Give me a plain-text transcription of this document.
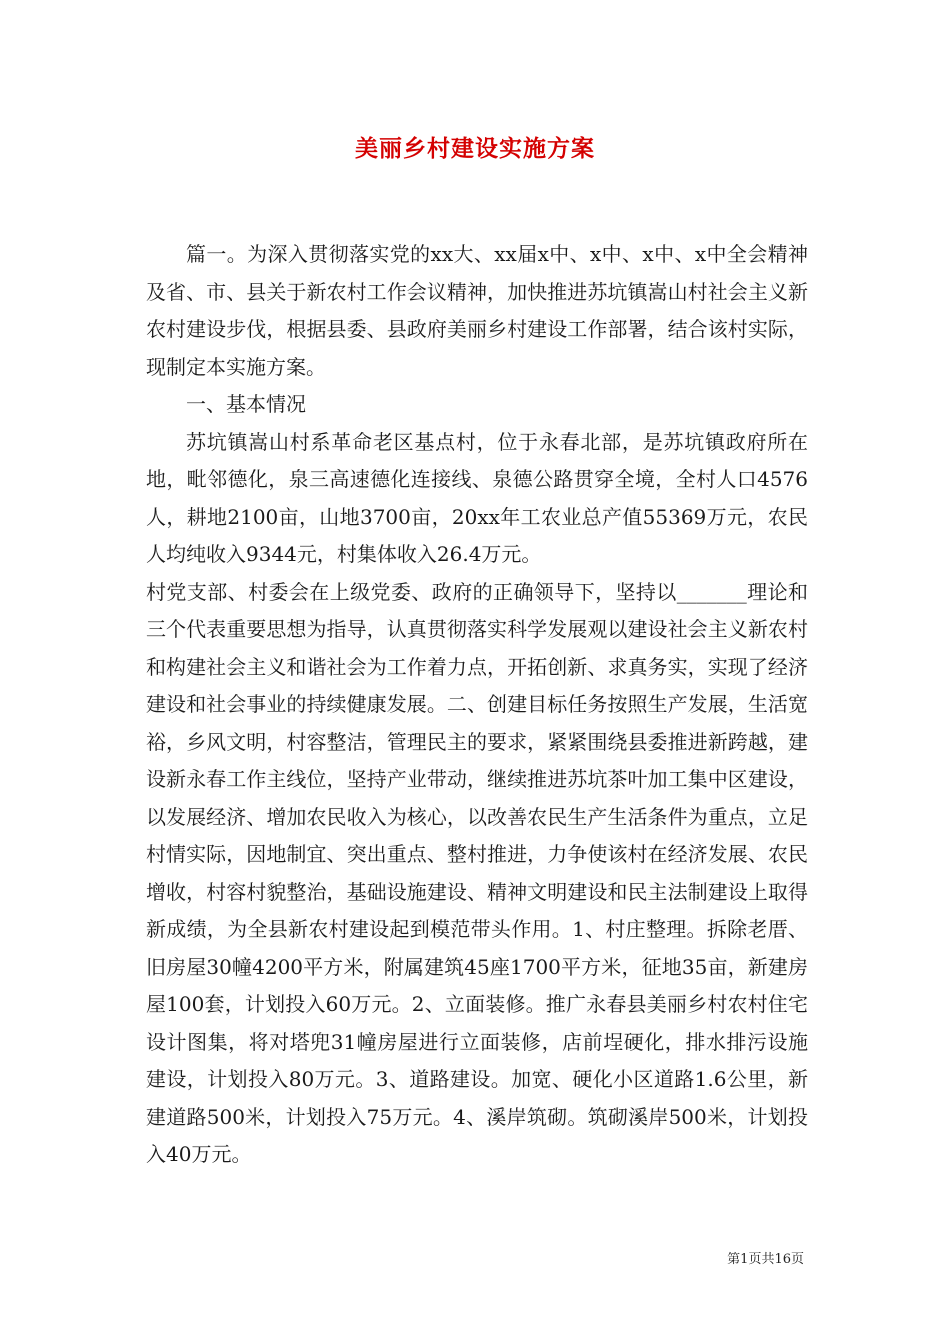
美丽乡村建设实施方案

篇一。为深入贯彻落实党的xx大、xx届x中、x中、x中、x中全会精神及省、市、县关于新农村工作会议精神，加快推进苏坑镇嵩山村社会主义新农村建设步伐，根据县委、县政府美丽乡村建设工作部署，结合该村实际，现制定本实施方案。

一、基本情况

苏坑镇嵩山村系革命老区基点村，位于永春北部，是苏坑镇政府所在地，毗邻德化，泉三高速德化连接线、泉德公路贯穿全境，全村人口4576人，耕地2100亩，山地3700亩，20xx年工农业总产值55369万元，农民人均纯收入9344元，村集体收入26.4万元。

村党支部、村委会在上级党委、政府的正确领导下，坚持以_______理论和三个代表重要思想为指导，认真贯彻落实科学发展观以建设社会主义新农村和构建社会主义和谐社会为工作着力点，开拓创新、求真务实，实现了经济建设和社会事业的持续健康发展。二、创建目标任务按照生产发展，生活宽裕，乡风文明，村容整洁，管理民主的要求，紧紧围绕县委推进新跨越，建设新永春工作主线位，坚持产业带动，继续推进苏坑茶叶加工集中区建设，以发展经济、增加农民收入为核心，以改善农民生产生活条件为重点，立足村情实际，因地制宜、突出重点、整村推进，力争使该村在经济发展、农民增收，村容村貌整治，基础设施建设、精神文明建设和民主法制建设上取得新成绩，为全县新农村建设起到模范带头作用。1、村庄整理。拆除老厝、旧房屋30幢4200平方米，附属建筑45座1700平方米，征地35亩，新建房屋100套，计划投入60万元。2、立面装修。推广永春县美丽乡村农村住宅设计图集，将对塔兜31幢房屋进行立面装修，店前埕硬化，排水排污设施建设，计划投入80万元。3、道路建设。加宽、硬化小区道路1.6公里，新建道路500米，计划投入75万元。4、溪岸筑砌。筑砌溪岸500米，计划投入40万元。

第1页共16页
